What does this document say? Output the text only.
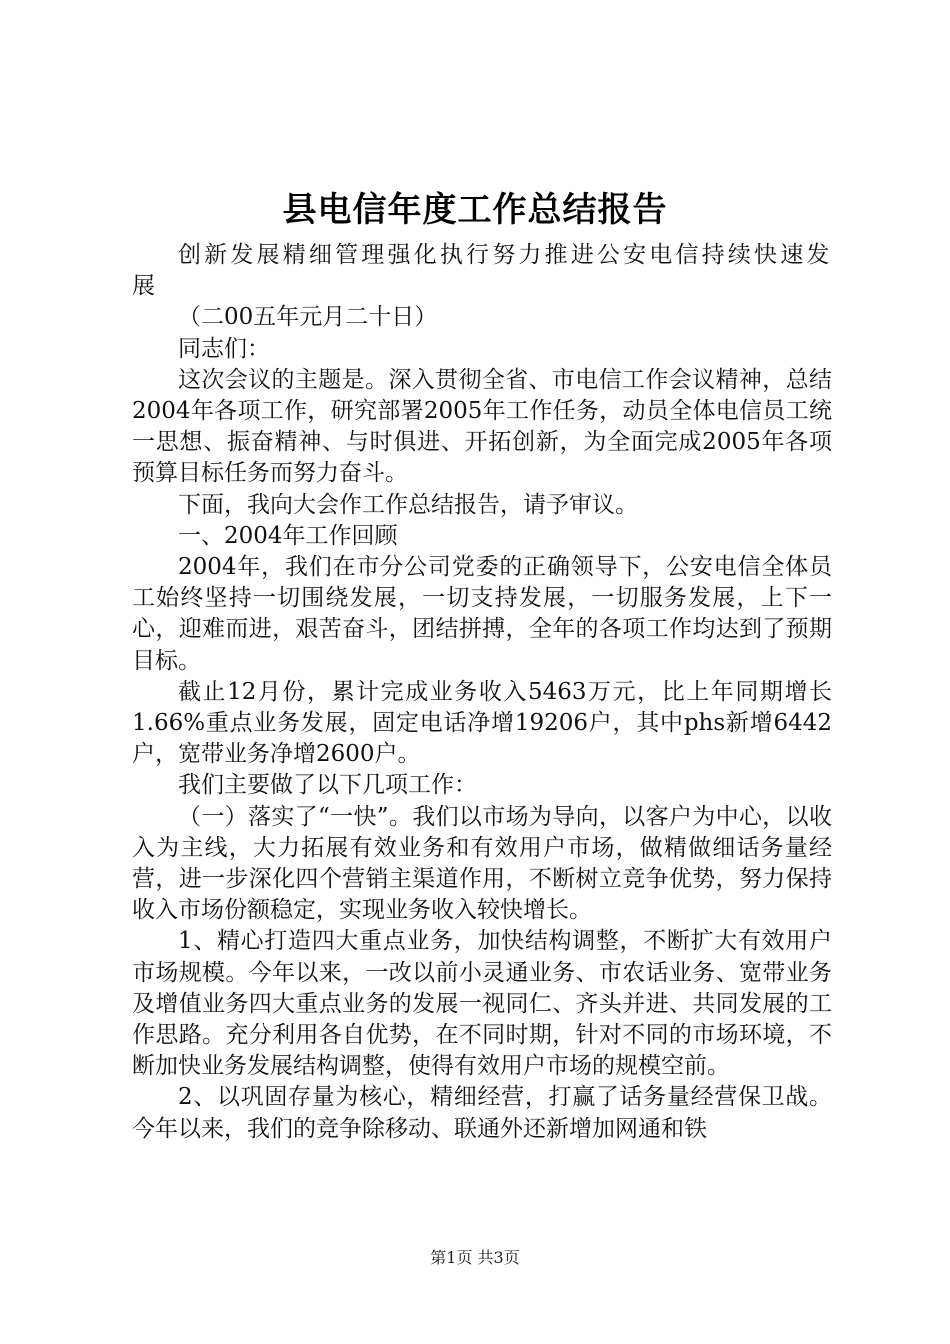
县电信年度工作总结报告

创新发展精细管理强化执行努力推进公安电信持续快速发展

（二00五年元月二十日）

同志们：

这次会议的主题是。深入贯彻全省、市电信工作会议精神，总结2004年各项工作，研究部署2005年工作任务，动员全体电信员工统一思想、振奋精神、与时俱进、开拓创新，为全面完成2005年各项预算目标任务而努力奋斗。

下面，我向大会作工作总结报告，请予审议。

一、2004年工作回顾

2004年，我们在市分公司党委的正确领导下，公安电信全体员工始终坚持一切围绕发展，一切支持发展，一切服务发展，上下一心，迎难而进，艰苦奋斗，团结拼搏，全年的各项工作均达到了预期目标。

截止12月份，累计完成业务收入5463万元，比上年同期增长1.66%重点业务发展，固定电话净增19206户，其中phs新增6442户，宽带业务净增2600户。

我们主要做了以下几项工作：

（一）落实了“一快”。我们以市场为导向，以客户为中心，以收入为主线，大力拓展有效业务和有效用户市场，做精做细话务量经营，进一步深化四个营销主渠道作用，不断树立竞争优势，努力保持收入市场份额稳定，实现业务收入较快增长。

1、精心打造四大重点业务，加快结构调整，不断扩大有效用户市场规模。今年以来，一改以前小灵通业务、市农话业务、宽带业务及增值业务四大重点业务的发展一视同仁、齐头并进、共同发展的工作思路。充分利用各自优势，在不同时期，针对不同的市场环境，不断加快业务发展结构调整，使得有效用户市场的规模空前。

2、以巩固存量为核心，精细经营，打赢了话务量经营保卫战。今年以来，我们的竞争除移动、联通外还新增加网通和铁

第1页 共3页
